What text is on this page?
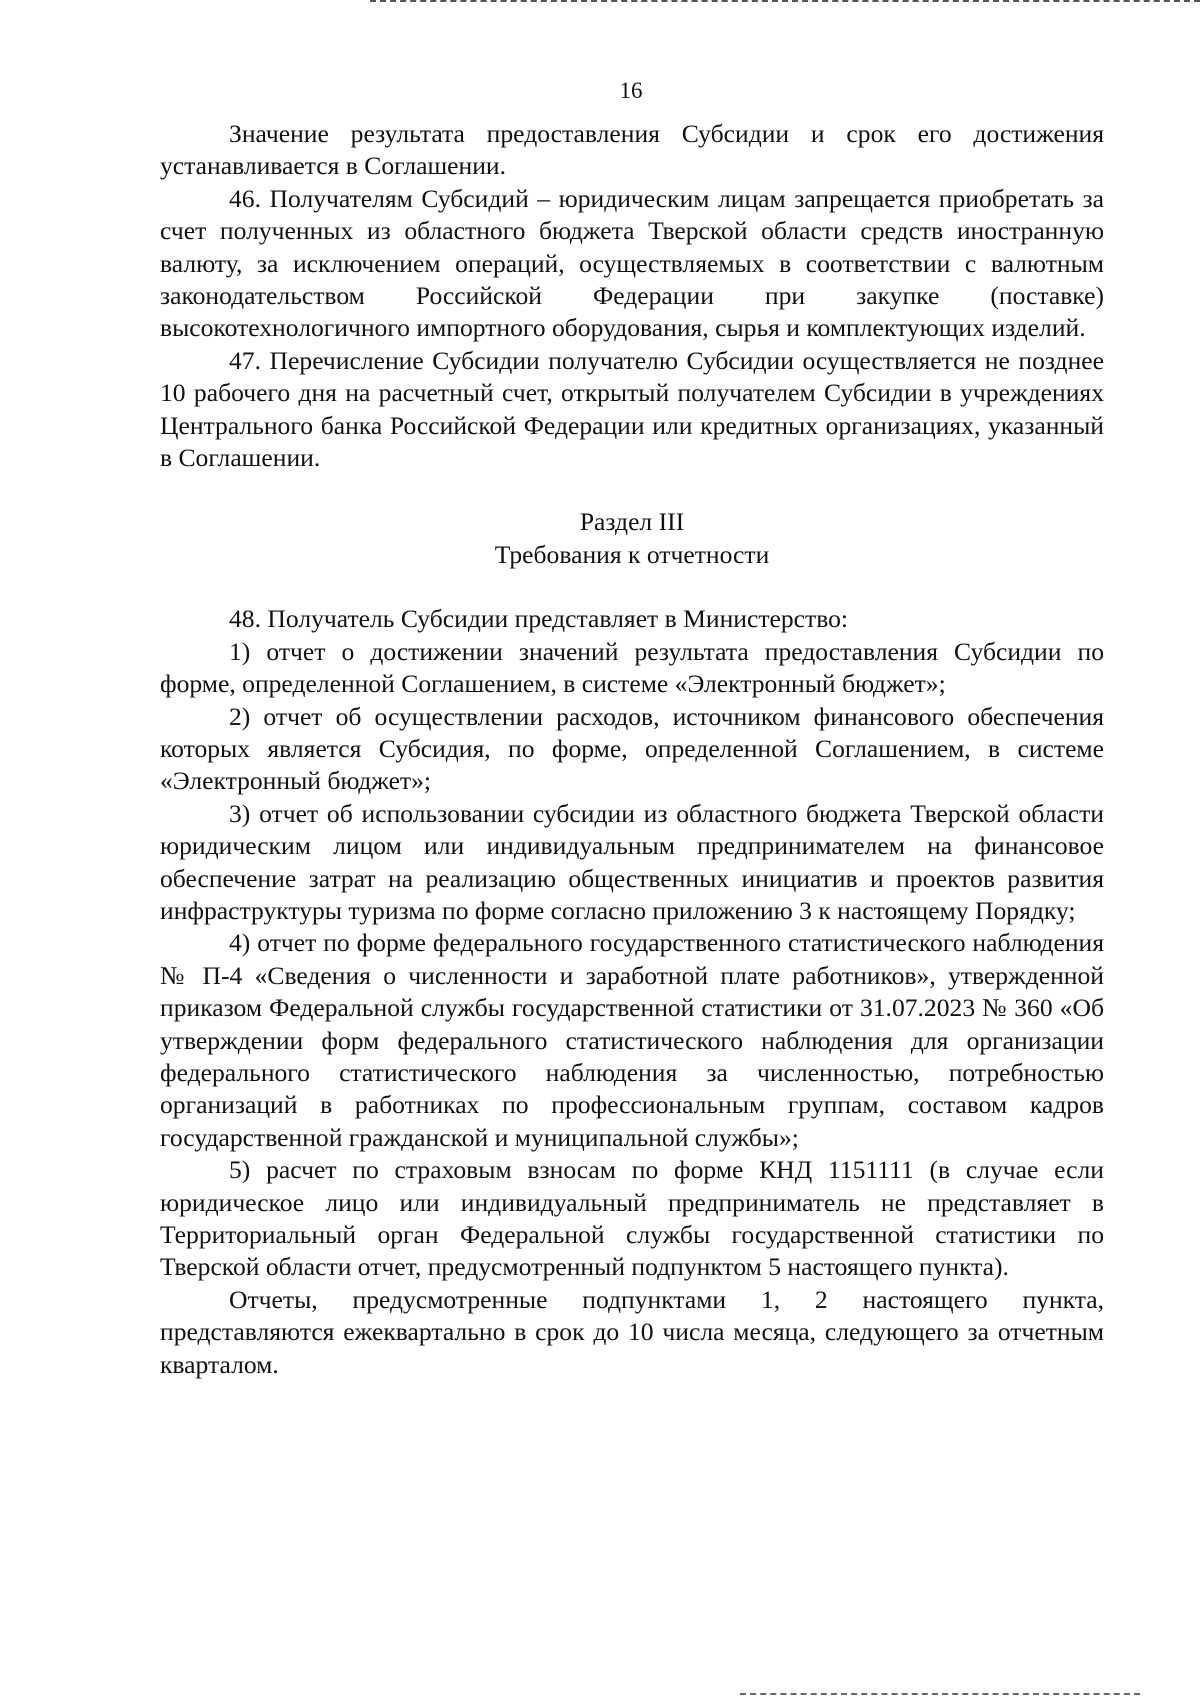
16

Значение результата предоставления Субсидии и срок его достижения устанавливается в Соглашении.

46. Получателям Субсидий – юридическим лицам запрещается приобретать за счет полученных из областного бюджета Тверской области средств иностранную валюту, за исключением операций, осуществляемых в соответствии с валютным законодательством Российской Федерации при закупке (поставке) высокотехнологичного импортного оборудования, сырья и комплектующих изделий.

47. Перечисление Субсидии получателю Субсидии осуществляется не позднее 10 рабочего дня на расчетный счет, открытый получателем Субсидии в учреждениях Центрального банка Российской Федерации или кредитных организациях, указанный в Соглашении.

Раздел III

Требования к отчетности

48. Получатель Субсидии представляет в Министерство:

1) отчет о достижении значений результата предоставления Субсидии по форме, определенной Соглашением, в системе «Электронный бюджет»;

2) отчет об осуществлении расходов, источником финансового обеспечения которых является Субсидия, по форме, определенной Соглашением, в системе «Электронный бюджет»;

3) отчет об использовании субсидии из областного бюджета Тверской области юридическим лицом или индивидуальным предпринимателем на финансовое обеспечение затрат на реализацию общественных инициатив и проектов развития инфраструктуры туризма по форме согласно приложению 3 к настоящему Порядку;

4) отчет по форме федерального государственного статистического наблюдения № П-4 «Сведения о численности и заработной плате работников», утвержденной приказом Федеральной службы государственной статистики от 31.07.2023 № 360 «Об утверждении форм федерального статистического наблюдения для организации федерального статистического наблюдения за численностью, потребностью организаций в работниках по профессиональным группам, составом кадров государственной гражданской и муниципальной службы»;

5) расчет по страховым взносам по форме КНД 1151111 (в случае если юридическое лицо или индивидуальный предприниматель не представляет в Территориальный орган Федеральной службы государственной статистики по Тверской области отчет, предусмотренный подпунктом 5 настоящего пункта).

Отчеты, предусмотренные подпунктами 1, 2 настоящего пункта, представляются ежеквартально в срок до 10 числа месяца, следующего за отчетным кварталом.
